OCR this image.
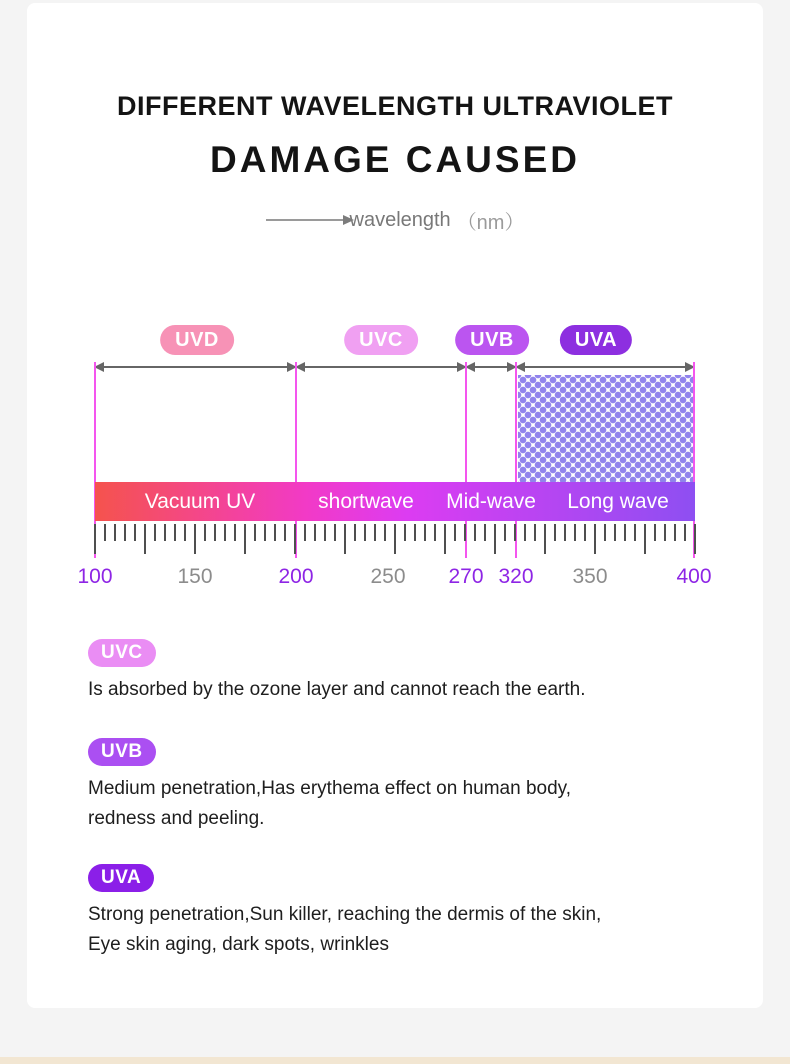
DIFFERENT WAVELENGTH ULTRAVIOLET
DAMAGE CAUSED
wavelength （nm）
UVD	UVC	UVB	UVA
Vacuum UV	shortwave Mid-wave Long wave
100	150	200	250 270 320 350	400
UVC

Is absorbed by the ozone layer and cannot reach the earth.

UVB

Medium penetration,Has erythema effect on human body,
redness and peeling.

UVA

Strong penetration,Sun killer, reaching the dermis of the skin,
Eye skin aging, dark spots, wrinkles
